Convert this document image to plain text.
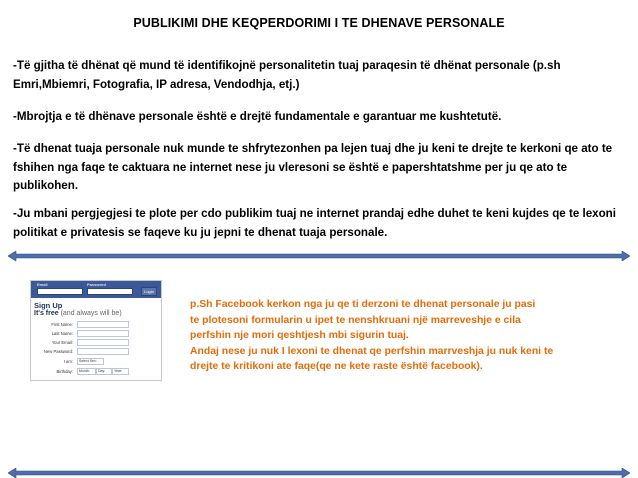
PUBLIKIMI DHE KEQPERDORIMI I TE DHENAVE PERSONALE
-Të gjitha të dhënat që mund të identifikojnë personalitetin tuaj paraqesin të dhënat personale (p.sh Emri,Mbiemri, Fotografia, IP adresa, Vendodhja, etj.)
-Mbrojtja e të dhënave personale është e drejtë fundamentale e garantuar me kushtetutë.
-Të dhenat tuaja personale nuk munde te shfrytezonhen pa lejen tuaj dhe ju keni te drejte te kerkoni qe ato te fshihen nga faqe te caktuara ne internet nese ju vleresoni se është e papershtatshme per ju qe ato te publikohen.
-Ju mbani pergjegjesi te plote per cdo publikim tuaj ne internet prandaj edhe duhet te keni kujdes qe te lexoni politikat e privatesis se faqeve ku ju jepni te dhenat tuaja personale.
Email	Password
Login
Sign Up
It's free (and always will be)
First Name:
Last Name:
Your Email:
New Password:
I am:	Select Sex:
Birthday:	Month:	Day:	Year:
p.Sh Facebook kerkon nga ju qe ti derzoni te dhenat personale ju pasi
te plotesoni formularin u ipet te nenshkruani një marreveshje e cila
perfshin nje mori qeshtjesh mbi sigurin tuaj.
Andaj nese ju nuk I lexoni te dhenat qe perfshin marrveshja ju nuk keni te
drejte te kritikoni ate faqe(qe ne kete raste është facebook).
